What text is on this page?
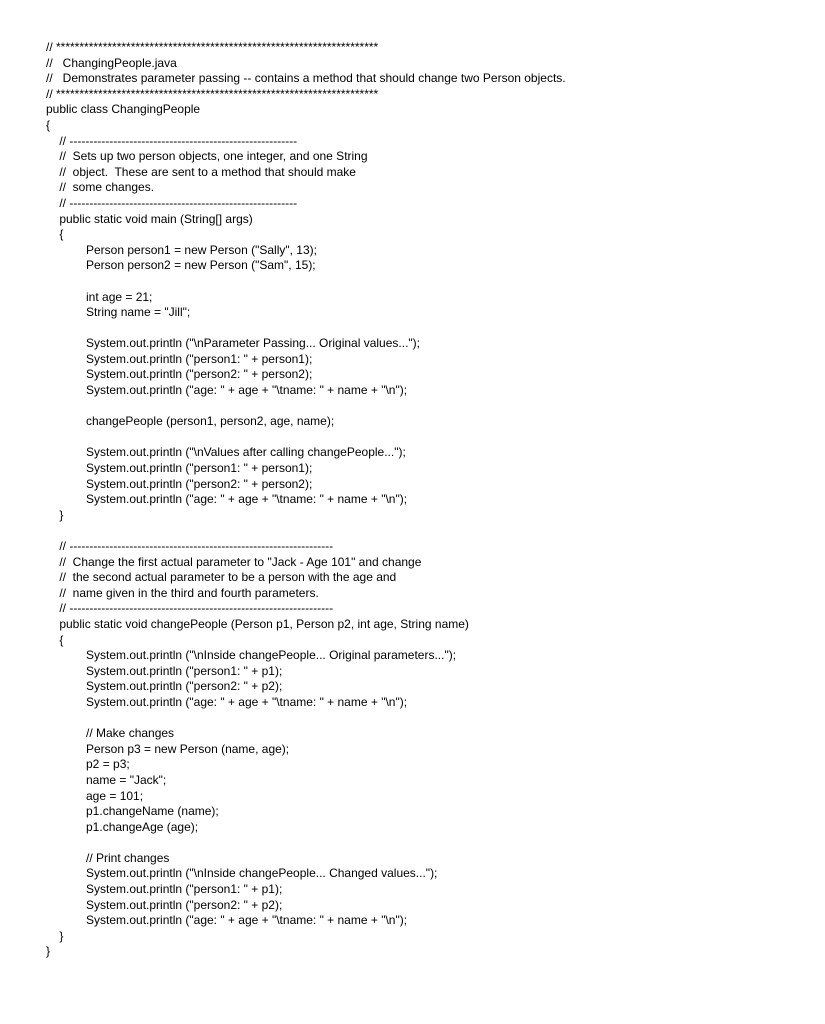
// *********************************************************************
//   ChangingPeople.java
//   Demonstrates parameter passing -- contains a method that should change two Person objects.
// *********************************************************************
public class ChangingPeople
{
// ---------------------------------------------------------
//  Sets up two person objects, one integer, and one String
//  object.  These are sent to a method that should make
//  some changes.
// ---------------------------------------------------------
public static void main (String[] args)
{
Person person1 = new Person ("Sally", 13);
Person person2 = new Person ("Sam", 15);
int age = 21;
String name = "Jill";
System.out.println ("\nParameter Passing... Original values...");
System.out.println ("person1: " + person1);
System.out.println ("person2: " + person2);
System.out.println ("age: " + age + "\tname: " + name + "\n");
changePeople (person1, person2, age, name);
System.out.println ("\nValues after calling changePeople...");
System.out.println ("person1: " + person1);
System.out.println ("person2: " + person2);
System.out.println ("age: " + age + "\tname: " + name + "\n");
}
// ------------------------------------------------------------------
//  Change the first actual parameter to "Jack - Age 101" and change
//  the second actual parameter to be a person with the age and
//  name given in the third and fourth parameters.
// ------------------------------------------------------------------
public static void changePeople (Person p1, Person p2, int age, String name)
{
System.out.println ("\nInside changePeople... Original parameters...");
System.out.println ("person1: " + p1);
System.out.println ("person2: " + p2);
System.out.println ("age: " + age + "\tname: " + name + "\n");
// Make changes
Person p3 = new Person (name, age);
p2 = p3;
name = "Jack";
age = 101;
p1.changeName (name);
p1.changeAge (age);
// Print changes
System.out.println ("\nInside changePeople... Changed values...");
System.out.println ("person1: " + p1);
System.out.println ("person2: " + p2);
System.out.println ("age: " + age + "\tname: " + name + "\n");
}
}
